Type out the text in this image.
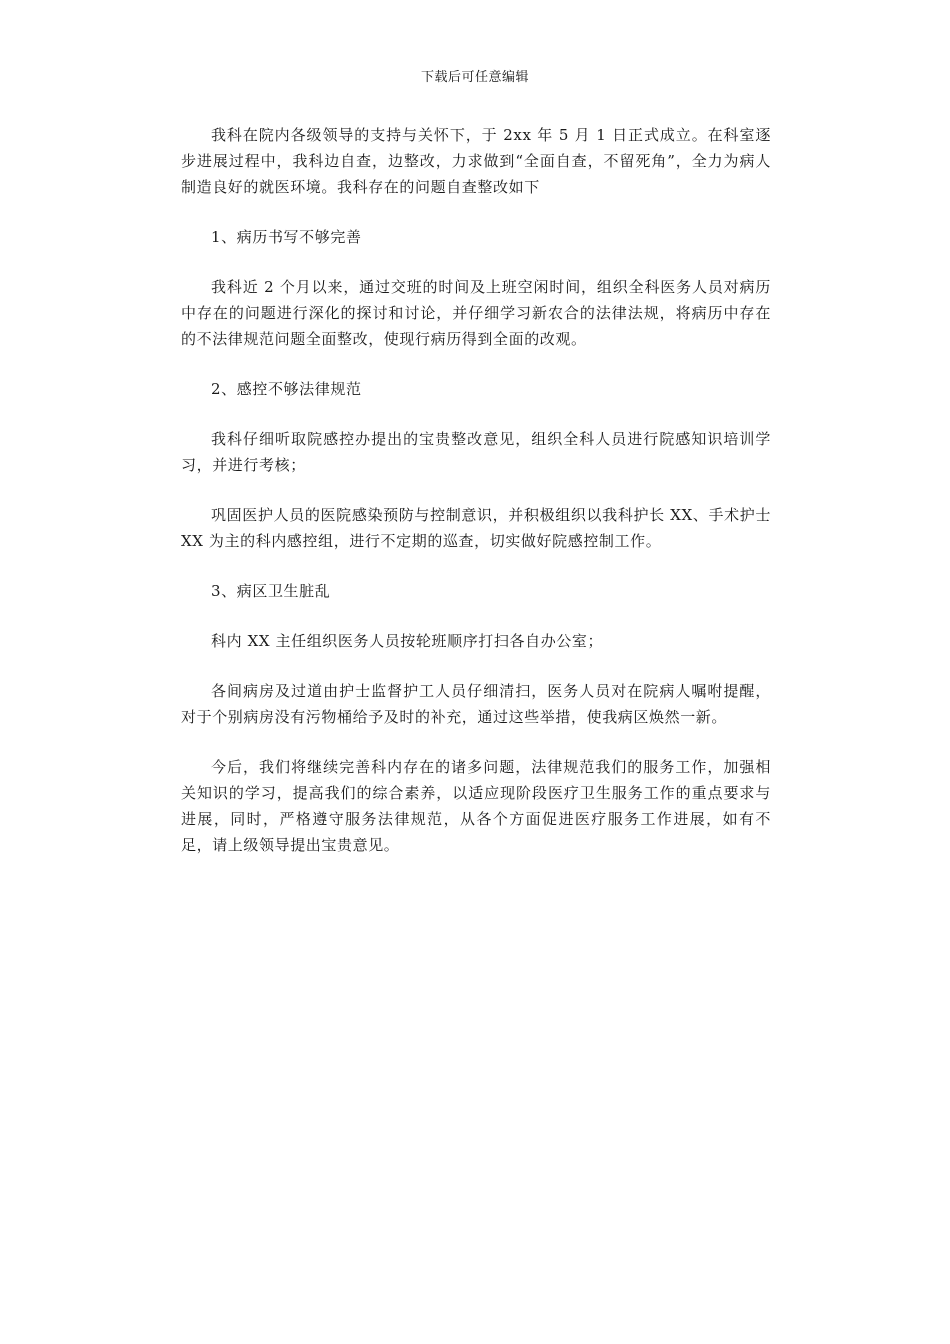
下载后可任意编辑

我科在院内各级领导的支持与关怀下，于 2xx 年 5 月 1 日正式成立。在科室逐步进展过程中，我科边自查，边整改，力求做到“全面自查，不留死角”，全力为病人制造良好的就医环境。我科存在的问题自查整改如下

1、病历书写不够完善

我科近 2 个月以来，通过交班的时间及上班空闲时间，组织全科医务人员对病历中存在的问题进行深化的探讨和讨论，并仔细学习新农合的法律法规，将病历中存在的不法律规范问题全面整改，使现行病历得到全面的改观。

2、感控不够法律规范

我科仔细听取院感控办提出的宝贵整改意见，组织全科人员进行院感知识培训学习，并进行考核；

巩固医护人员的医院感染预防与控制意识，并积极组织以我科护长 XX、手术护士 XX 为主的科内感控组，进行不定期的巡查，切实做好院感控制工作。

3、病区卫生脏乱

科内 XX 主任组织医务人员按轮班顺序打扫各自办公室；

各间病房及过道由护士监督护工人员仔细清扫，医务人员对在院病人嘱咐提醒，对于个别病房没有污物桶给予及时的补充，通过这些举措，使我病区焕然一新。

今后，我们将继续完善科内存在的诸多问题，法律规范我们的服务工作，加强相关知识的学习，提高我们的综合素养，以适应现阶段医疗卫生服务工作的重点要求与进展，同时，严格遵守服务法律规范，从各个方面促进医疗服务工作进展，如有不足，请上级领导提出宝贵意见。
